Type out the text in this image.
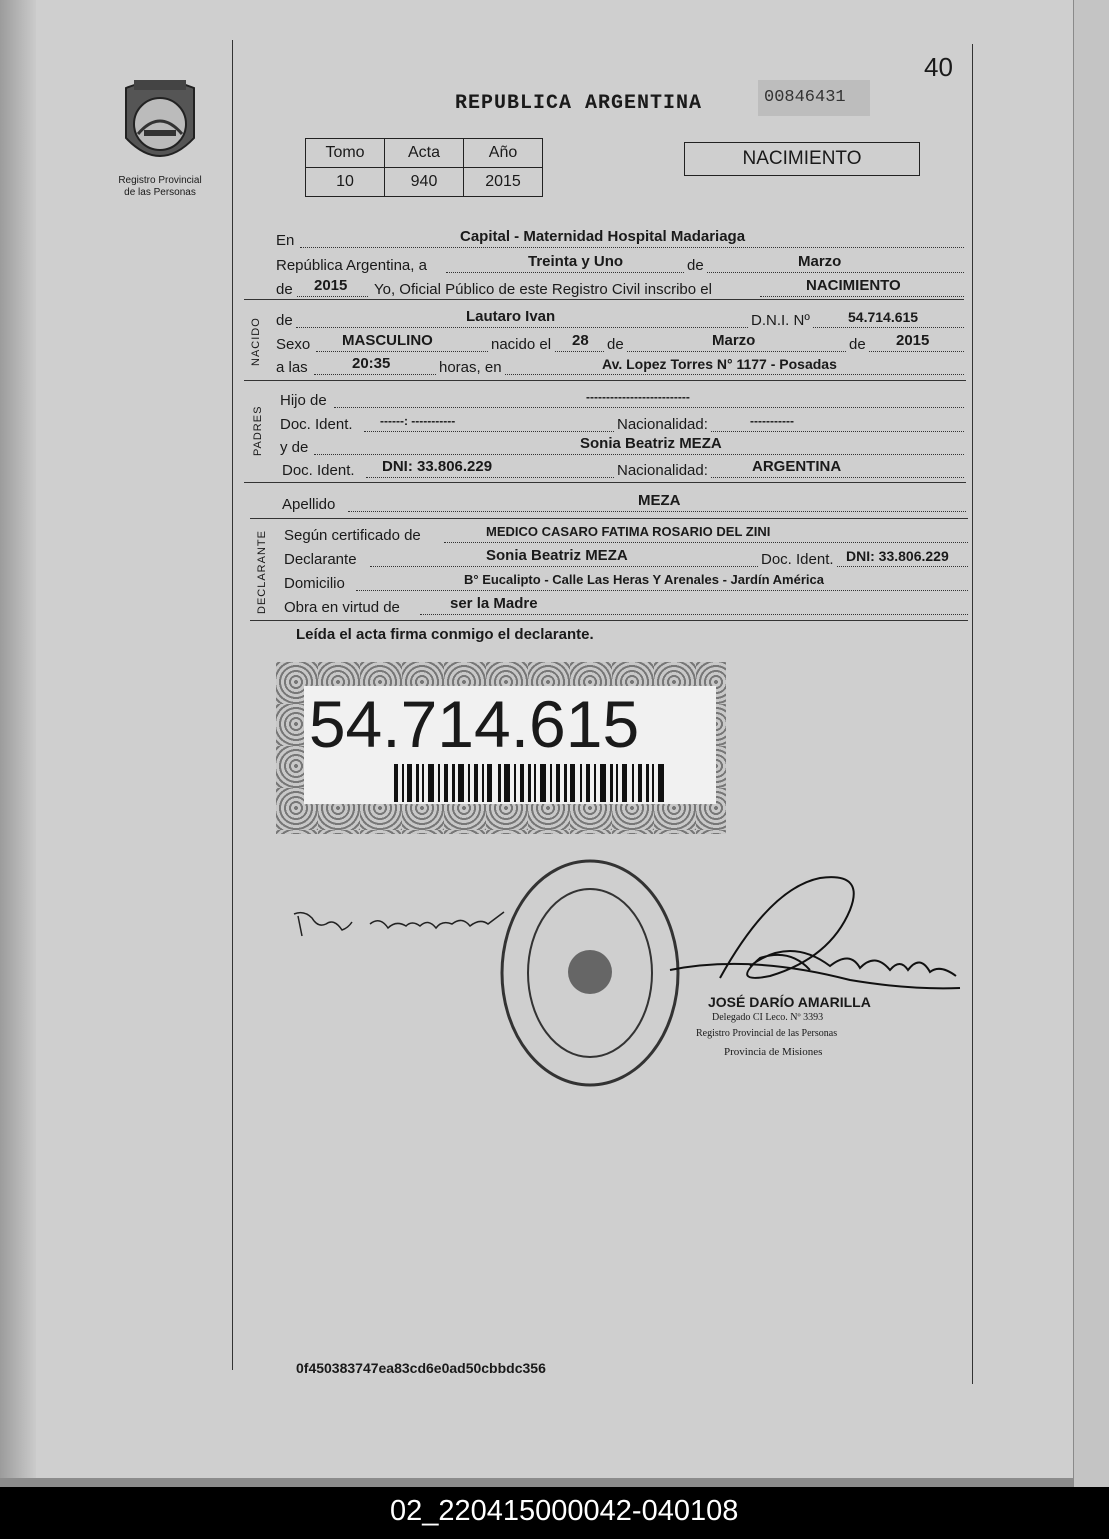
40
Registro Provincial
de las Personas
REPUBLICA ARGENTINA	00846431
Tomo	Acta	Año
10	940	2015
NACIMIENTO
En	Capital - Maternidad Hospital Madariaga
República Argentina, a	Treinta y Uno	de	Marzo
de 2015 Yo, Oficial Público de este Registro Civil inscribo el	NACIMIENTO
NACIDO de	Lautaro Ivan	D.N.I. Nº	54.714.615
Sexo MASCULINO	nacido el 28 de	Marzo	de 2015
a las	20:35	horas, en	Av. Lopez Torres N° 1177 - Posadas
PADRES
Hijo de	--------------------------
Doc. Ident. ------: -----------	Nacionalidad:	-----------
y de	Sonia Beatriz MEZA
Doc. Ident. DNI: 33.806.229	Nacionalidad:	ARGENTINA
Apellido	MEZA
DECLARANTE Según certificado de	MEDICO CASARO FATIMA ROSARIO DEL ZINI
Declarante	Sonia Beatriz MEZA	Doc. Ident. DNI: 33.806.229
Domicilio	B° Eucalipto - Calle Las Heras Y Arenales - Jardín América
Obra en virtud de	ser la Madre
Leída el acta firma conmigo el declarante.
54.714.615
JOSÉ DARÍO AMARILLA
Delegado CI Leco. Nº 3393
Registro Provincial de las Personas
Provincia de Misiones
0f450383747ea83cd6e0ad50cbbdc356
02_220415000042-040108
